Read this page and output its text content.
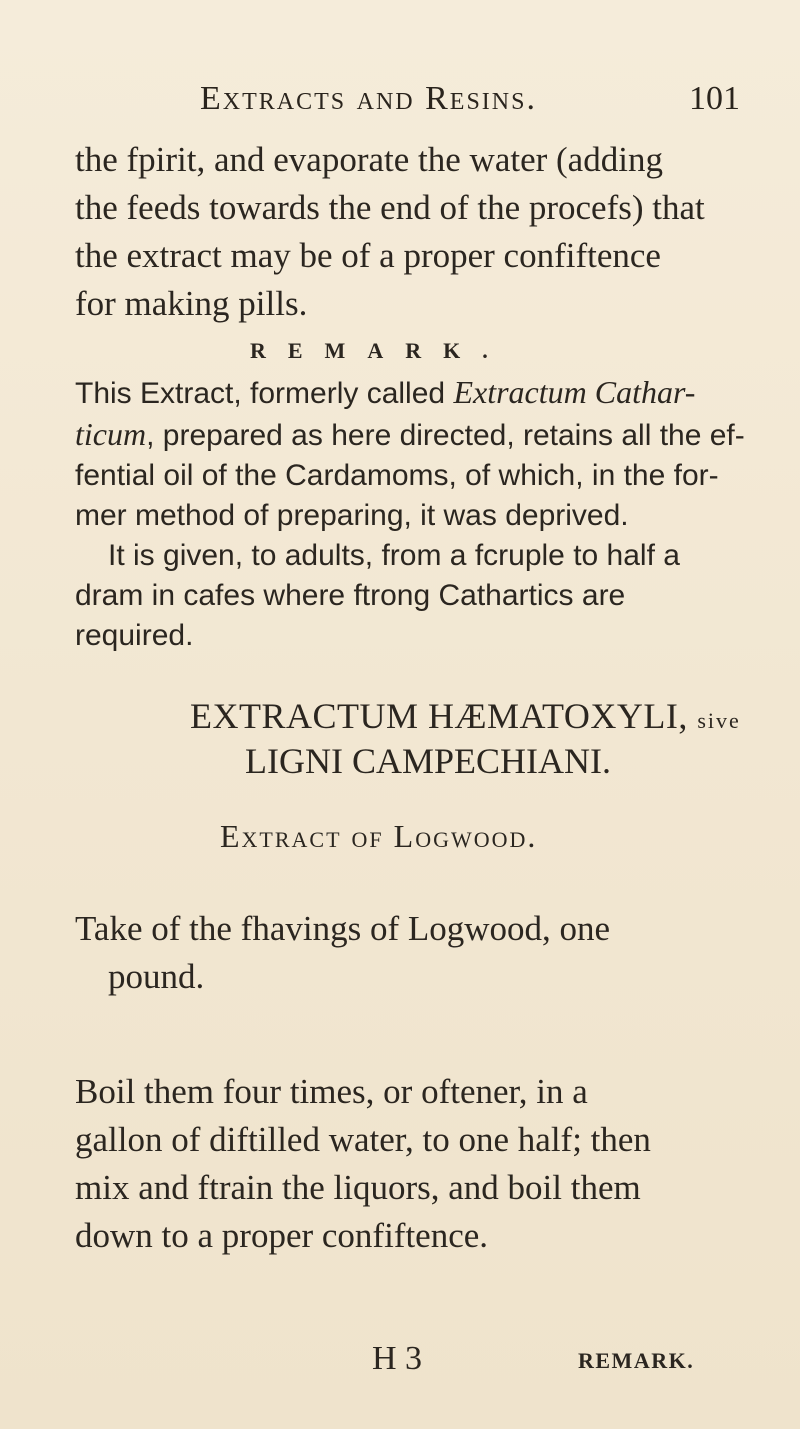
Extracts and Resins.	101

the fpirit, and evaporate the water (adding

the feeds towards the end of the procefs) that

the extract may be of a proper confiftence

for making pills.

REMARK.

This Extract, formerly called Extractum Cathar-

ticum, prepared as here directed, retains all the ef-

fential oil of the Cardamoms, of which, in the for-

mer method of preparing, it was deprived.

It is given, to adults, from a fcruple to half a

dram in cafes where ftrong Cathartics are required.

EXTRACTUM HÆMATOXYLI, sive
LIGNI CAMPECHIANI.
Extract of Logwood.

Take of the fhavings of Logwood, one

pound.

Boil them four times, or oftener, in a

gallon of diftilled water, to one half; then

mix and ftrain the liquors, and boil them

down to a proper confiftence.

H 3	REMARK.
